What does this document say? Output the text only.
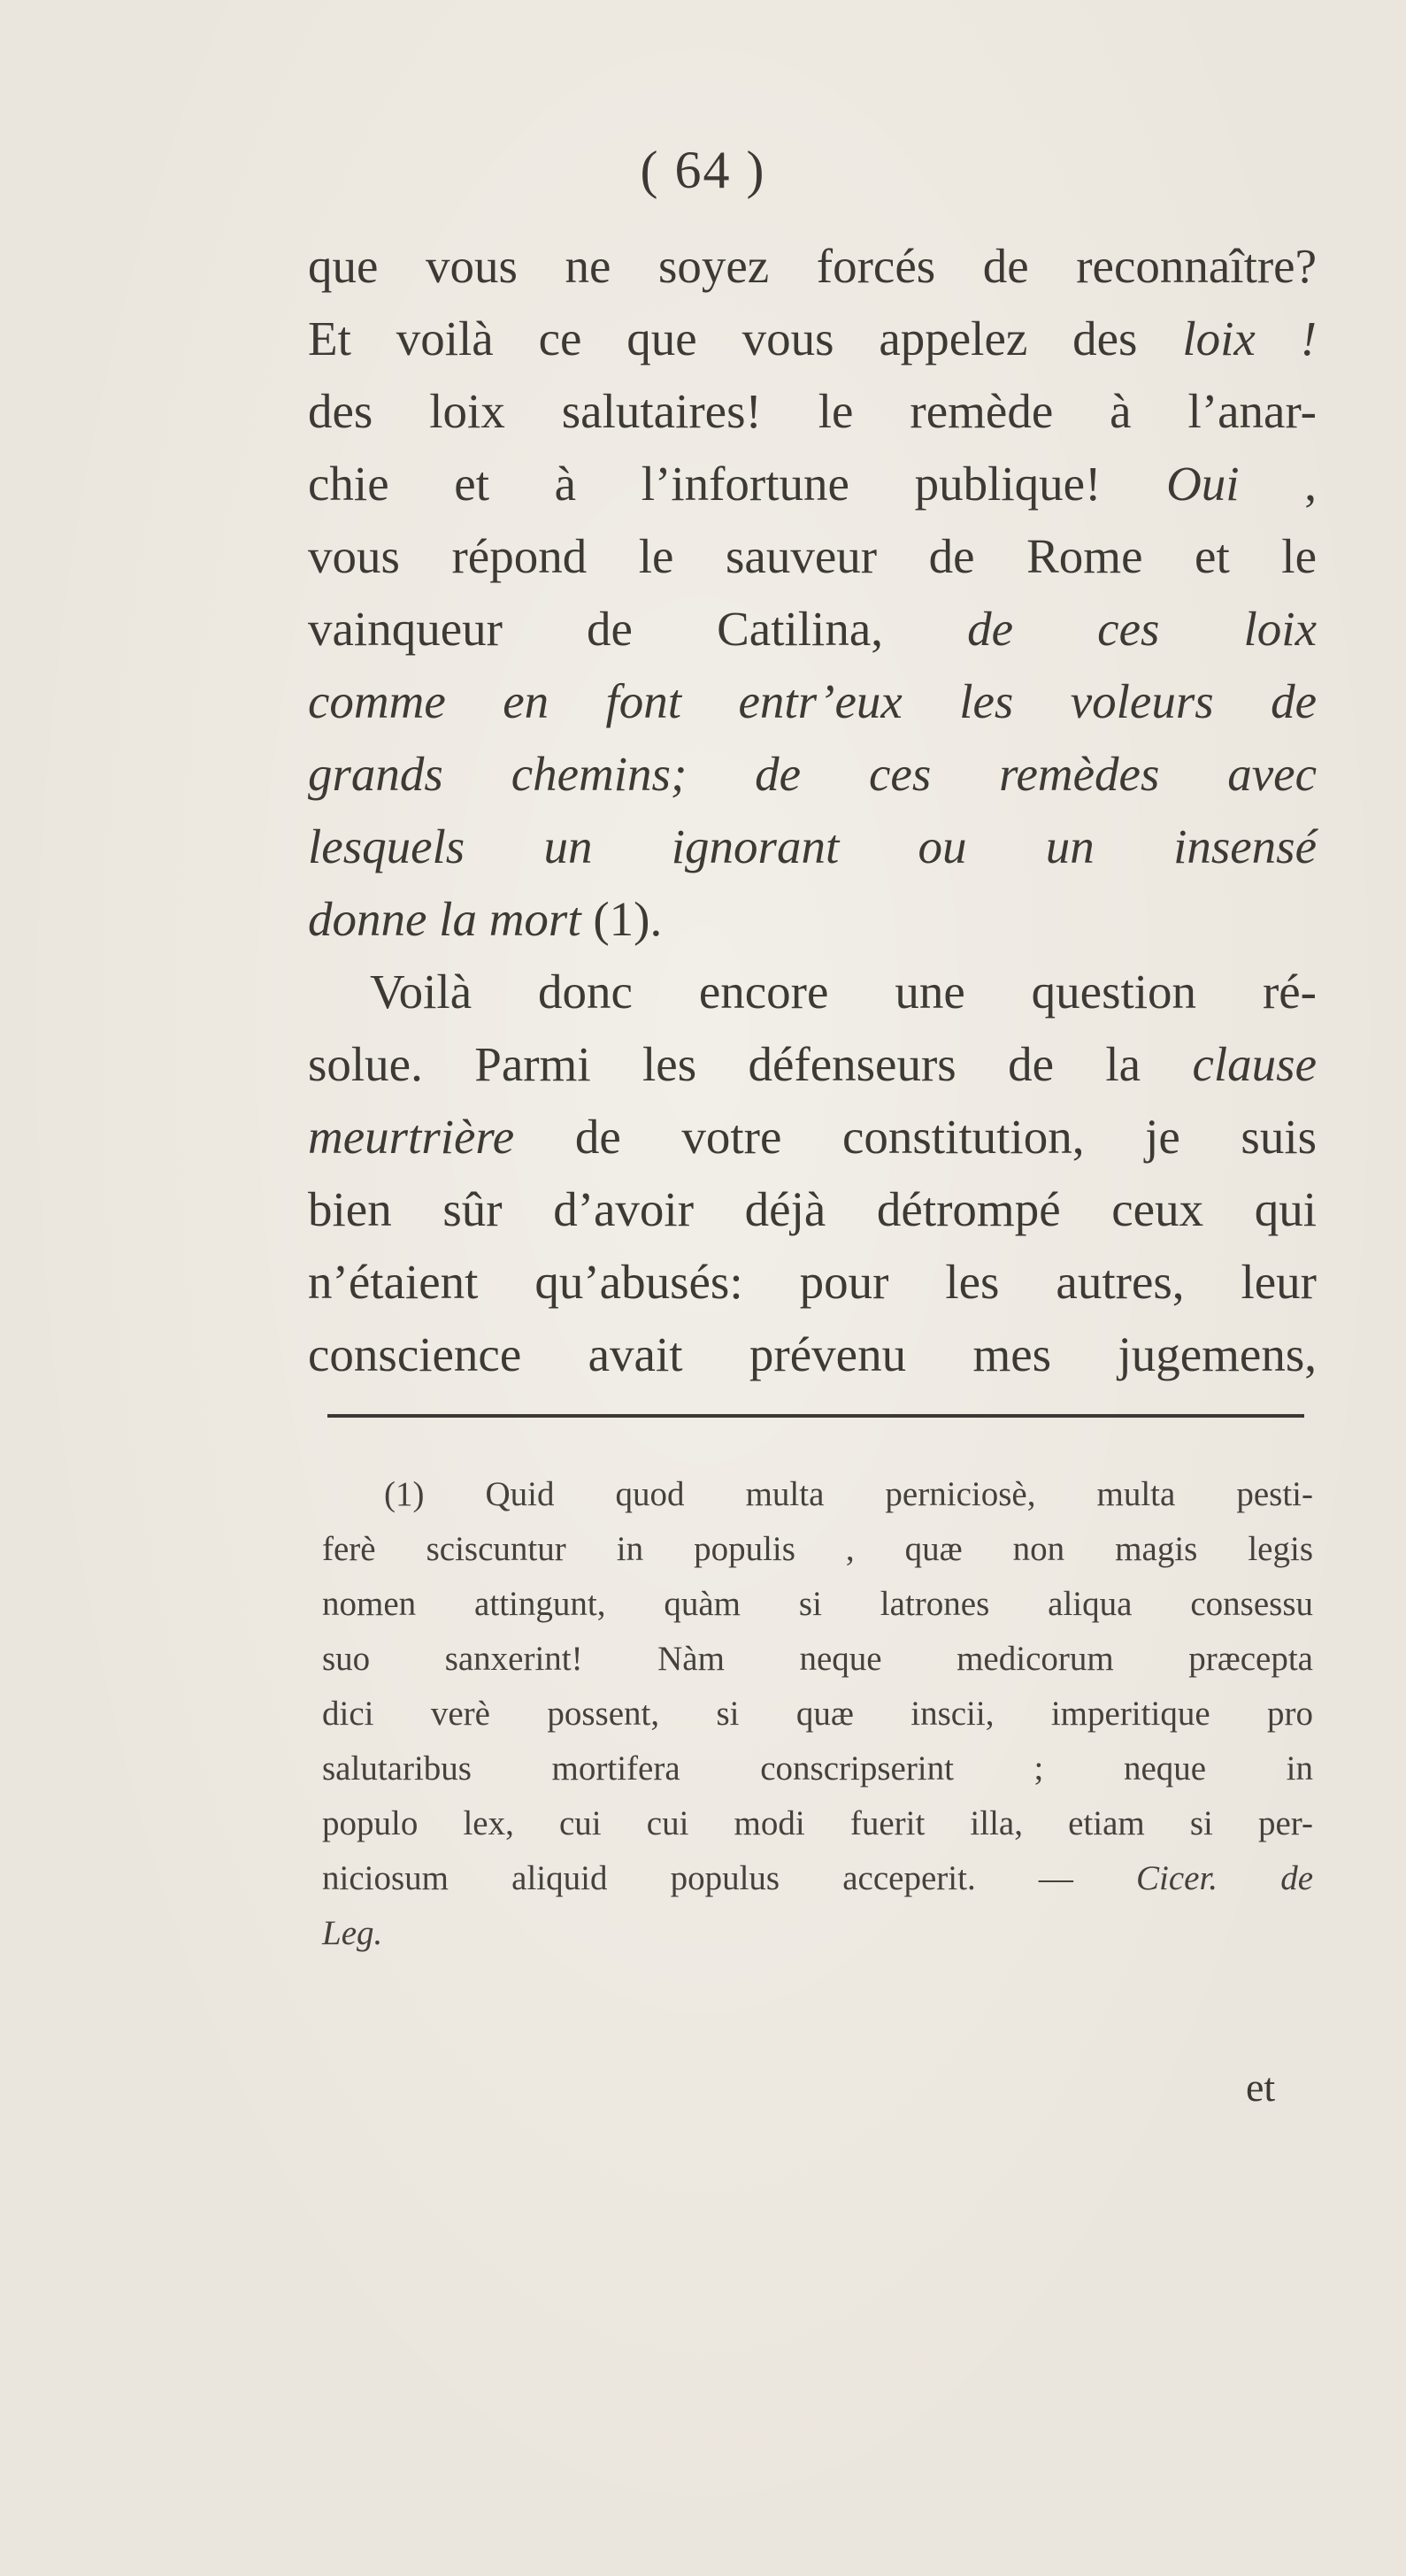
( 64 )
que vous ne soyez forcés de reconnaître?
Et voilà ce que vous appelez des loix !
des loix salutaires! le remède à l’anar-
chie et à l’infortune publique! Oui ,
vous répond le sauveur de Rome et le
vainqueur de Catilina, de ces loix
comme en font entr’eux les voleurs de
grands chemins; de ces remèdes avec
lesquels un ignorant ou un insensé
donne la mort (1).
Voilà donc encore une question ré-
solue. Parmi les défenseurs de la clause
meurtrière de votre constitution, je suis
bien sûr d’avoir déjà détrompé ceux qui
n’étaient qu’abusés: pour les autres, leur
conscience avait prévenu mes jugemens,
(1) Quid quod multa perniciosè, multa pesti-
ferè sciscuntur in populis , quæ non magis legis
nomen attingunt, quàm si latrones aliqua consessu
suo sanxerint! Nàm neque medicorum præcepta
dici verè possent, si quæ inscii, imperitique pro
salutaribus mortifera conscripserint ; neque in
populo lex, cui cui modi fuerit illa, etiam si per-
niciosum aliquid populus acceperit. — Cicer. de
Leg.
et
